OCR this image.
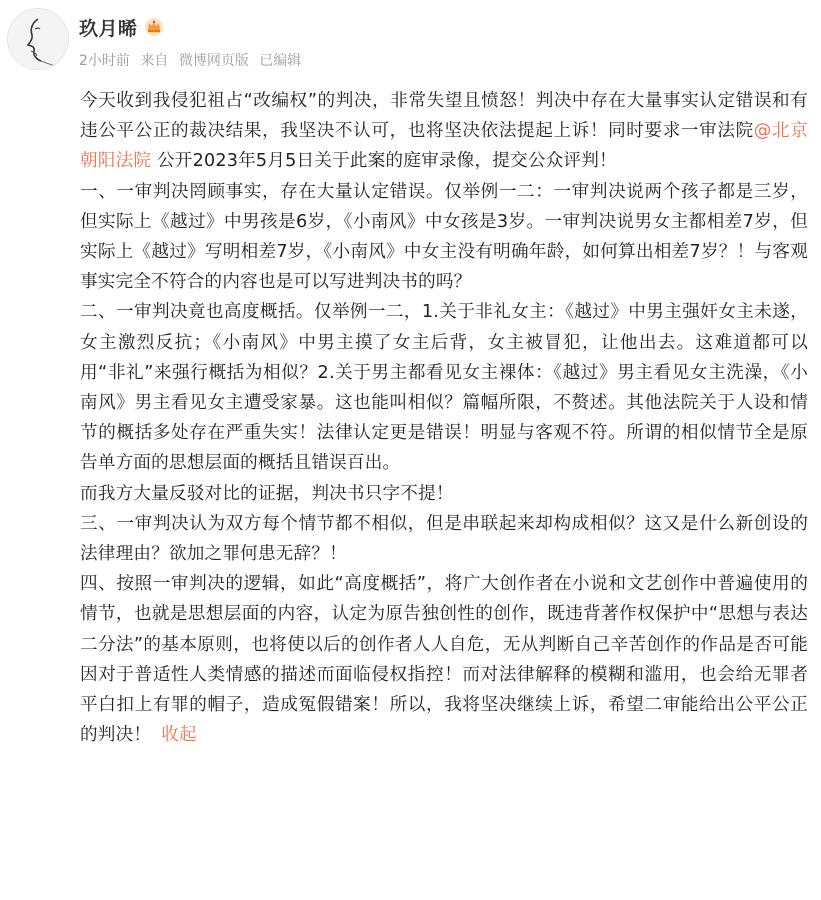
玖月晞
2小时前 来自 微博网页版 已编辑

今天收到我侵犯祖占“改编权”的判决，非常失望且愤怒！判决中存在大量事实认定错误和有违公平公正的裁决结果，我坚决不认可，也将坚决依法提起上诉！同时要求一审法院@北京朝阳法院 公开2023年5月5日关于此案的庭审录像，提交公众评判！

一、一审判决罔顾事实，存在大量认定错误。仅举例一二：一审判决说两个孩子都是三岁，但实际上《越过》中男孩是6岁，《小南风》中女孩是3岁。一审判决说男女主都相差7岁，但实际上《越过》写明相差7岁，《小南风》中女主没有明确年龄，如何算出相差7岁？！与客观事实完全不符合的内容也是可以写进判决书的吗？

二、一审判决竟也高度概括。仅举例一二，1.关于非礼女主：《越过》中男主强奸女主未遂，女主激烈反抗；《小南风》中男主摸了女主后背，女主被冒犯，让他出去。这难道都可以用“非礼”来强行概括为相似？2.关于男主都看见女主裸体：《越过》男主看见女主洗澡，《小南风》男主看见女主遭受家暴。这也能叫相似？篇幅所限，不赘述。其他法院关于人设和情节的概括多处存在严重失实！法律认定更是错误！明显与客观不符。所谓的相似情节全是原告单方面的思想层面的概括且错误百出。

而我方大量反驳对比的证据，判决书只字不提！

三、一审判决认为双方每个情节都不相似，但是串联起来却构成相似？这又是什么新创设的法律理由？欲加之罪何患无辞？！

四、按照一审判决的逻辑，如此“高度概括”，将广大创作者在小说和文艺创作中普遍使用的情节，也就是思想层面的内容，认定为原告独创性的创作，既违背著作权保护中“思想与表达二分法”的基本原则，也将使以后的创作者人人自危，无从判断自己辛苦创作的作品是否可能因对于普适性人类情感的描述而面临侵权指控！而对法律解释的模糊和滥用，也会给无罪者平白扣上有罪的帽子，造成冤假错案！所以，我将坚决继续上诉，希望二审能给出公平公正的判决！ 收起
